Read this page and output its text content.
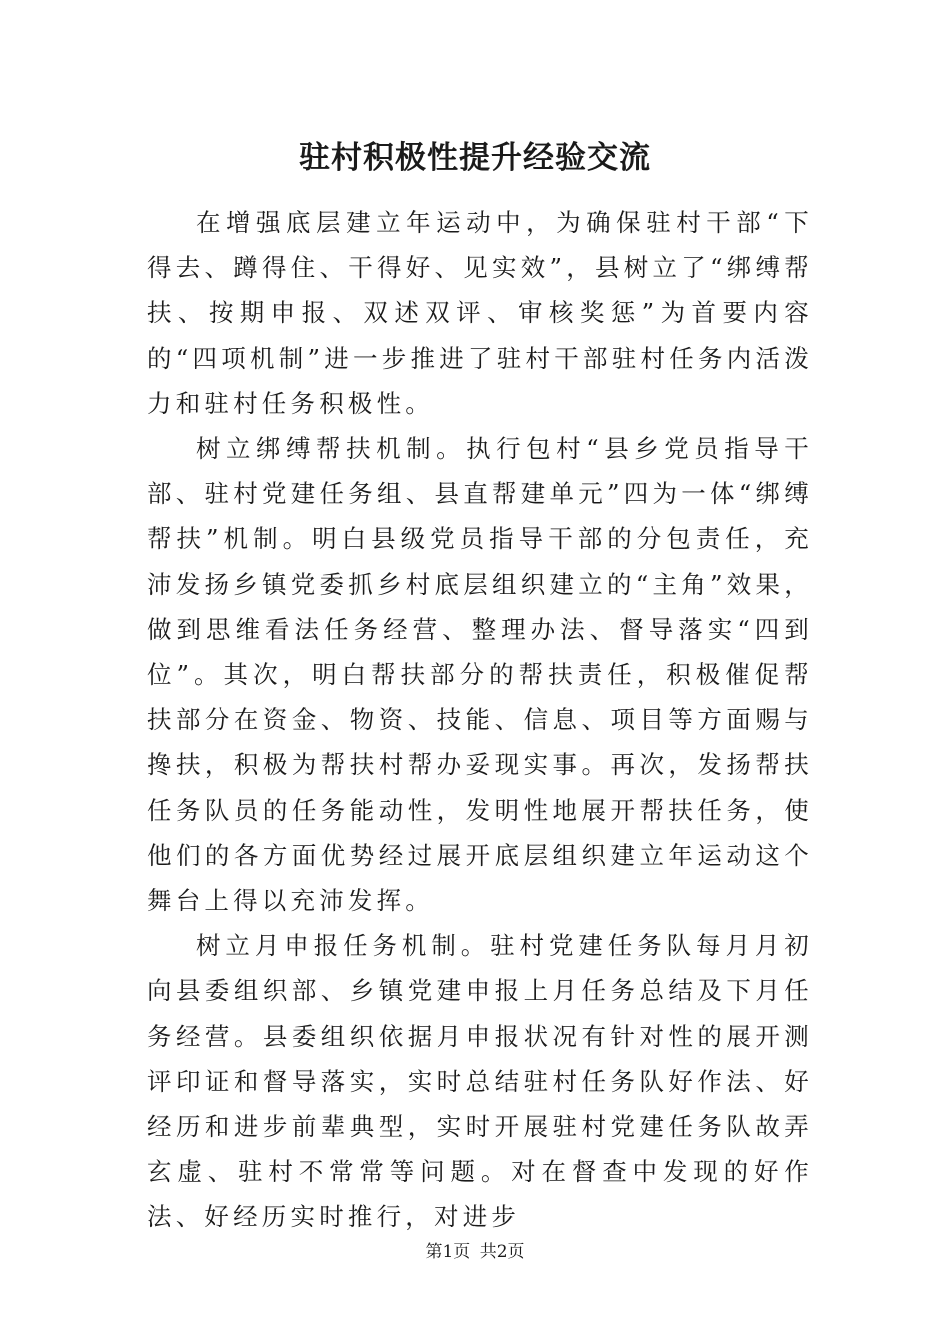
驻村积极性提升经验交流

在增强底层建立年运动中，为确保驻村干部“下得去、蹲得住、干得好、见实效”，县树立了“绑缚帮扶、按期申报、双述双评、审核奖惩”为首要内容的“四项机制”进一步推进了驻村干部驻村任务内活泼力和驻村任务积极性。

树立绑缚帮扶机制。执行包村“县乡党员指导干部、驻村党建任务组、县直帮建单元”四为一体“绑缚帮扶”机制。明白县级党员指导干部的分包责任，充沛发扬乡镇党委抓乡村底层组织建立的“主角”效果，做到思维看法任务经营、整理办法、督导落实“四到位”。其次，明白帮扶部分的帮扶责任，积极催促帮扶部分在资金、物资、技能、信息、项目等方面赐与搀扶，积极为帮扶村帮办妥现实事。再次，发扬帮扶任务队员的任务能动性，发明性地展开帮扶任务，使他们的各方面优势经过展开底层组织建立年运动这个舞台上得以充沛发挥。

树立月申报任务机制。驻村党建任务队每月月初向县委组织部、乡镇党建申报上月任务总结及下月任务经营。县委组织依据月申报状况有针对性的展开测评印证和督导落实，实时总结驻村任务队好作法、好经历和进步前辈典型，实时开展驻村党建任务队故弄玄虚、驻村不常常等问题。对在督查中发现的好作法、好经历实时推行，对进步

第1页 共2页
